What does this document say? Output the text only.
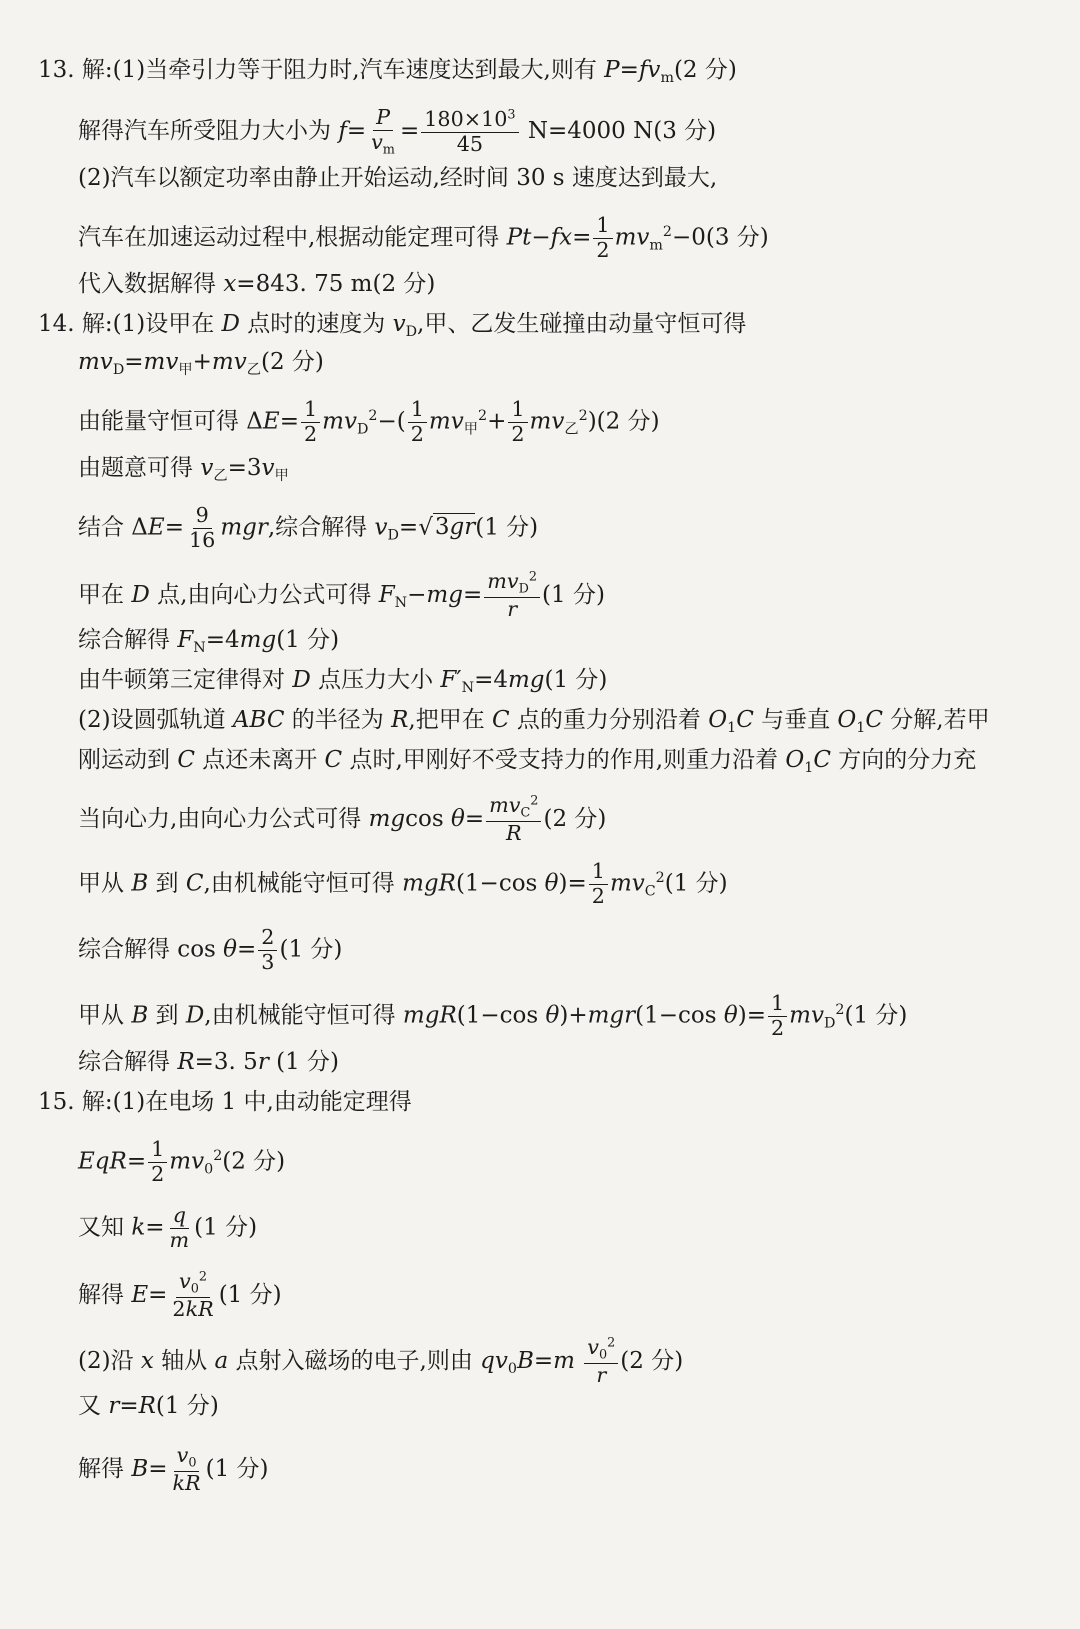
13. 解:(1)当牵引力等于阻力时,汽车速度达到最大,则有 $P=fv_m(2$ 分)
解得汽车所受阻力大小为 $f= \frac{P}{v_m} = \frac{180\times 10^3}{45} N=4000$ N(3 分)
(2)汽车以额定功率由静止开始运动,经时间 30 s 速度达到最大,
汽车在加速运动过程中,根据动能定理可得 $Pt-fx= \frac{1}{2} mv_m^2-0(3$ 分)
代入数据解得 x=843. 75 m(2 分)
14. 解:(1)设甲在 D 点时的速度为 $v_D$,甲、乙发生碰撞由动量守恒可得
$mv_D=mv_甲+mv_乙(2$ 分)
由能量守恒可得 $\Delta E= \frac{1}{2} mv_D^2-( \frac{1}{2} mv_甲^2+ \frac{1}{2} mv_乙^2)(2$ 分)
由题意可得 $v_乙=3v_甲$
结合 $\Delta E= \frac{9}{16}$ mgr,综合解得 $v_D=√3gr(1$ 分)
甲在 D 点,由向心力公式可得 $F_N-mg= \frac{mv_D^2}{r} (1$ 分)
综合解得 $F_N=4mg(1$ 分)
由牛顿第三定律得对 D 点压力大小 $F'_N=4mg(1$ 分)
(2)设圆弧轨道 ABC 的半径为 R,把甲在 C 点的重力分别沿着 $O_1C$ 与垂直 $O_1C$ 分解,若甲
刚运动到 C 点还未离开 C 点时,甲刚好不受支持力的作用,则重力沿着 $O_1C$ 方向的分力充
当向心力,由向心力公式可得 mgcos $\theta= \frac{mv_C^2}{R} (2$ 分)
甲从 B 到 C,由机械能守恒可得 mgR(1−cos $\theta)= \frac{1}{2} mv_C^2(1$ 分)
综合解得 $\cos \theta= \frac{2}{3} (1$ 分)
甲从 B 到 D,由机械能守恒可得 mgR(1−cos θ)+mgr(1−cos $\theta)= \frac{1}{2} mv_D^2(1$ 分)
综合解得 R=3. 5r (1 分)
15. 解:(1)在电场 1 中,由动能定理得
$EqR= \frac{1}{2} mv_0^2(2$ 分)
又知 $k= \frac{q}{m} (1$ 分)
解得 $E= \frac{v_0^2}{2kR} (1$ 分)
(2)沿 x 轴从 a 点射入磁场的电子,则由 $qv_0B=m \frac{v_0^2}{r} (2$ 分)
又 r=R(1 分)
解得 $B= \frac{v_0}{kR} (1$ 分)
